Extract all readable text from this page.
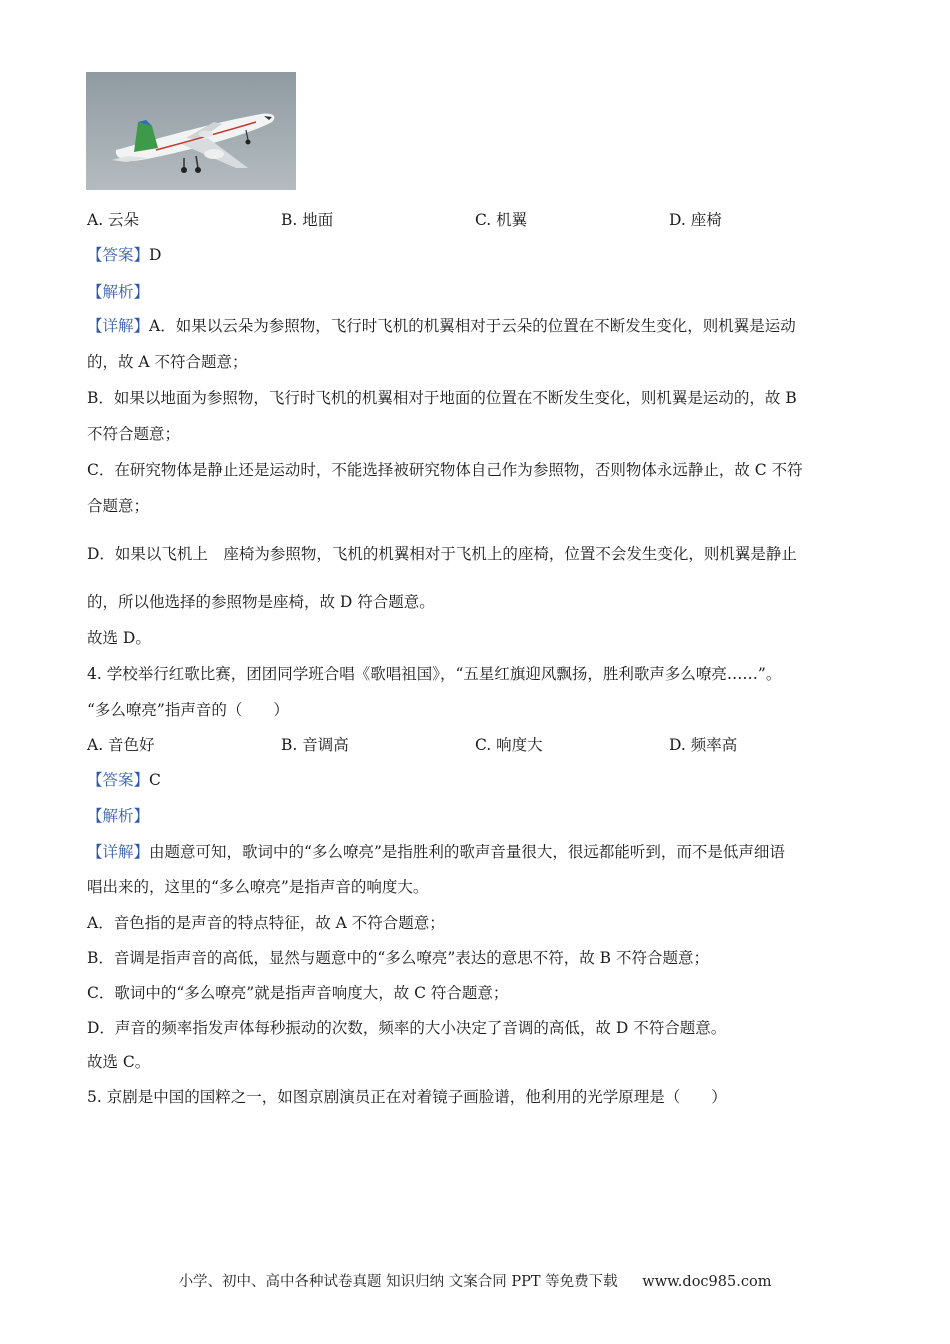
A. 云朵	B. 地面	C. 机翼	D. 座椅
【答案】D
【解析】
【详解】A．如果以云朵为参照物，飞行时飞机的机翼相对于云朵的位置在不断发生变化，则机翼是运动
的，故 A 不符合题意；
B．如果以地面为参照物，飞行时飞机的机翼相对于地面的位置在不断发生变化，则机翼是运动的，故 B
不符合题意；
C．在研究物体是静止还是运动时，不能选择被研究物体自己作为参照物，否则物体永远静止，故 C 不符
合题意；
D．如果以飞机上　座椅为参照物，飞机的机翼相对于飞机上的座椅，位置不会发生变化，则机翼是静止
的，所以他选择的参照物是座椅，故 D 符合题意。
故选 D。
4. 学校举行红歌比赛，团团同学班合唱《歌唱祖国》，“五星红旗迎风飘扬，胜利歌声多么嘹亮……”。
“多么嘹亮”指声音的（　　）
A. 音色好	B. 音调高	C. 响度大	D. 频率高
【答案】C
【解析】
【详解】由题意可知，歌词中的“多么嘹亮”是指胜利的歌声音量很大，很远都能听到，而不是低声细语
唱出来的，这里的“多么嘹亮”是指声音的响度大。
A．音色指的是声音的特点特征，故 A 不符合题意；
B．音调是指声音的高低，显然与题意中的“多么嘹亮”表达的意思不符，故 B 不符合题意；
C．歌词中的“多么嘹亮”就是指声音响度大，故 C 符合题意；
D．声音的频率指发声体每秒振动的次数，频率的大小决定了音调的高低，故 D 不符合题意。
故选 C。
5. 京剧是中国的国粹之一，如图京剧演员正在对着镜子画脸谱，他利用的光学原理是（　　）
小学、初中、高中各种试卷真题 知识归纳 文案合同 PPT 等免费下载 www.doc985.com
